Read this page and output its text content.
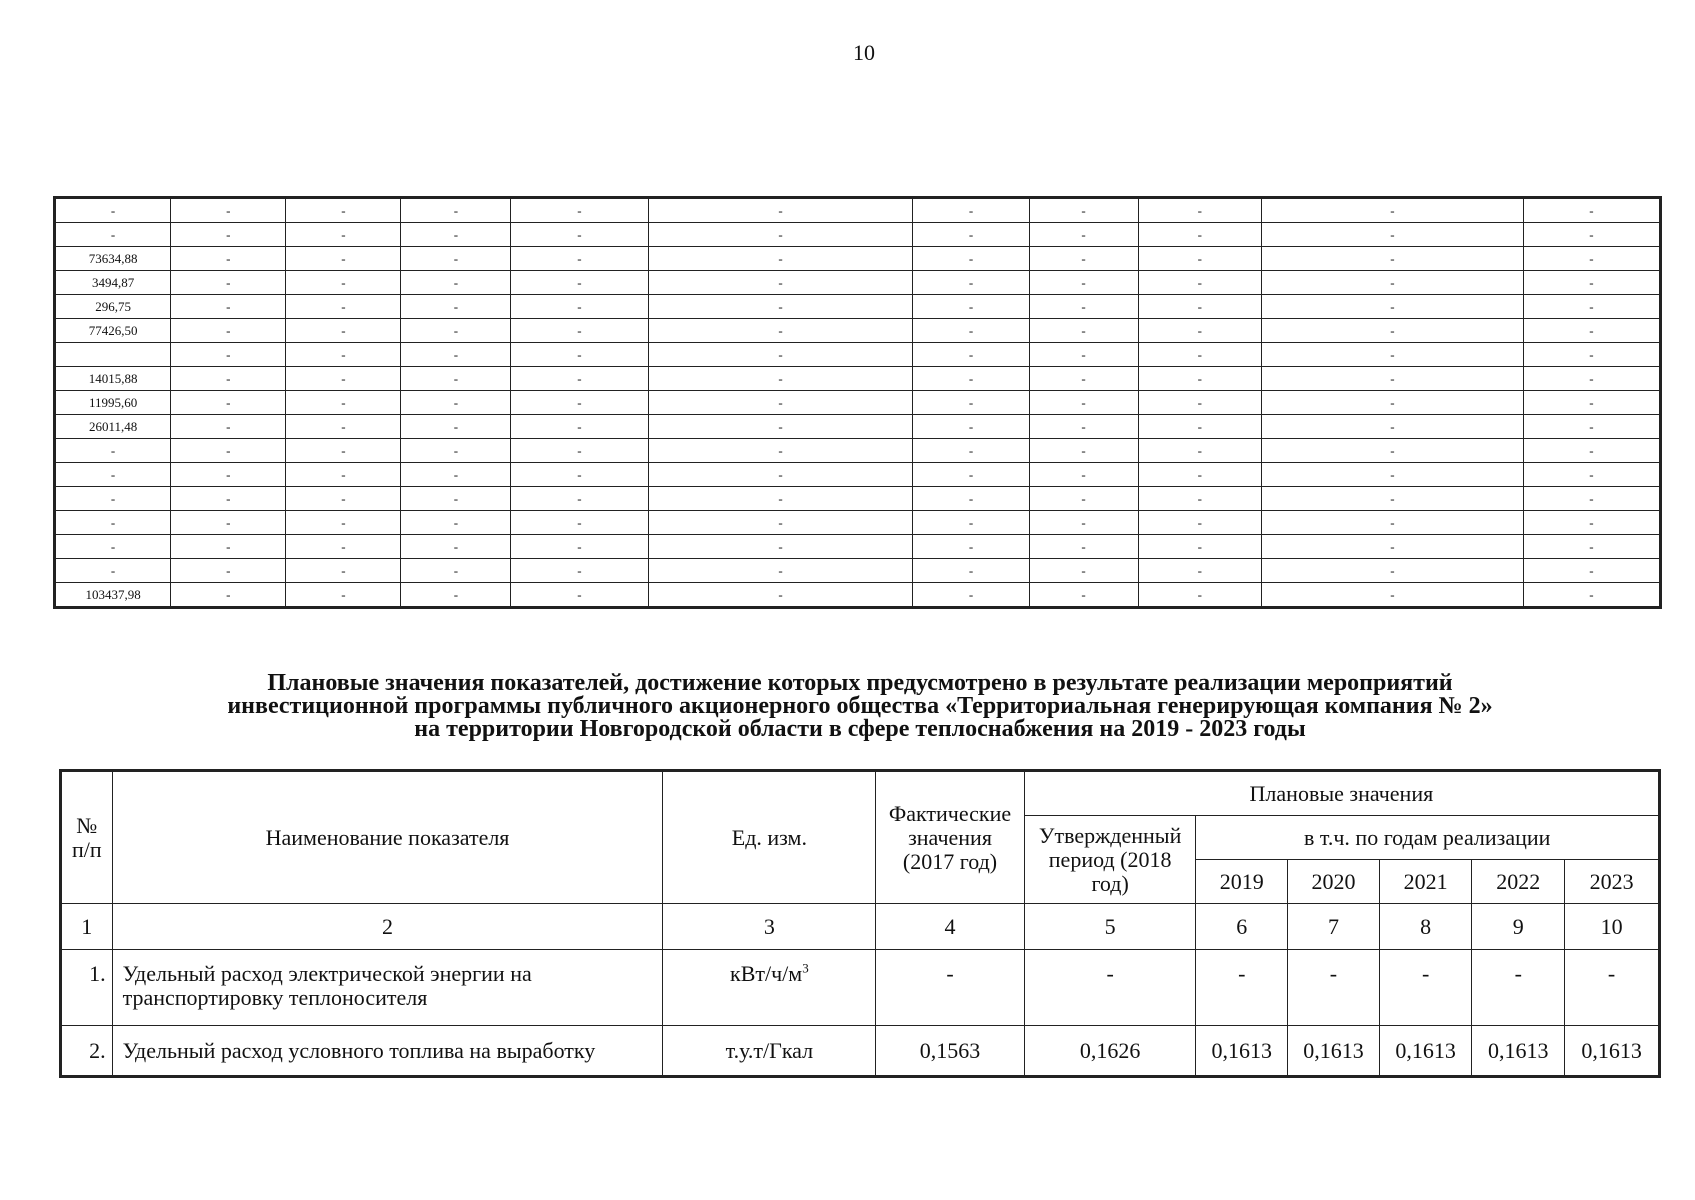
10
-	-	-	-	-	-	-	-	-	-	-
-	-	-	-	-	-	-	-	-	-	-
73634,88	-	-	-	-	-	-	-	-	-	-
3494,87	-	-	-	-	-	-	-	-	-	-
296,75	-	-	-	-	-	-	-	-	-	-
77426,50	-	-	-	-	-	-	-	-	-	-
	-	-	-	-	-	-	-	-	-	-
14015,88	-	-	-	-	-	-	-	-	-	-
11995,60	-	-	-	-	-	-	-	-	-	-
26011,48	-	-	-	-	-	-	-	-	-	-
-	-	-	-	-	-	-	-	-	-	-
-	-	-	-	-	-	-	-	-	-	-
-	-	-	-	-	-	-	-	-	-	-
-	-	-	-	-	-	-	-	-	-	-
-	-	-	-	-	-	-	-	-	-	-
-	-	-	-	-	-	-	-	-	-	-
103437,98	-	-	-	-	-	-	-	-	-	-
Плановые значения показателей, достижение которых предусмотрено в результате реализации мероприятий
инвестиционной программы публичного акционерного общества «Территориальная генерирующая компания № 2»
на территории Новгородской области в сфере теплоснабжения на 2019 - 2023 годы
№ п/п	Наименование показателя	Ед. изм.	Фактические значения (2017 год)	Плановые значения					
				Утвержденный период (2018 год)	в т.ч. по годам реализации				
					2019	2020	2021	2022	2023
1	2	3	4	5	6	7	8	9	10
1.	Удельный расход электрической энергии на транспортировку теплоносителя	кВт/$ч/м^3$	-	-	-	-	-	-	-
2.	Удельный расход условного топлива на выработку	т.у.т/Гкал	0,1563	0,1626	0,1613	0,1613	0,1613	0,1613	0,1613
